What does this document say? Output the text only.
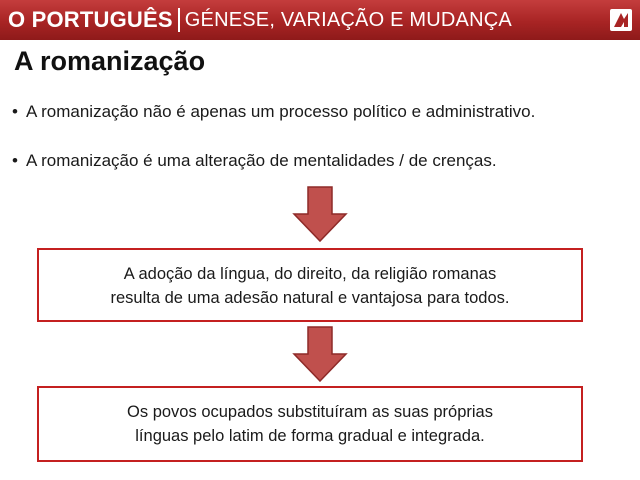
O PORTUGUÊS GÉNESE, VARIAÇÃO E MUDANÇA
A romanização
• A romanização não é apenas um processo político e administrativo.
• A romanização é uma alteração de mentalidades / de crenças.
A adoção da língua, do direito, da religião romanas
resulta de uma adesão natural e vantajosa para todos.
Os povos ocupados substituíram as suas próprias
línguas pelo latim de forma gradual e integrada.
